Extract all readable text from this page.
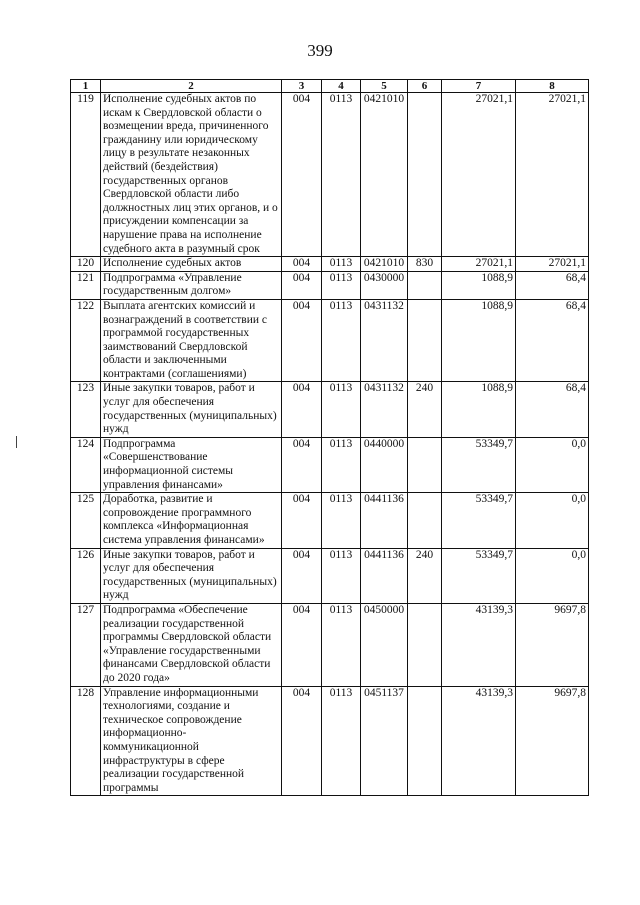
399
1	2	3	4	5	6	7	8
119	Исполнение судебных актов по искам к Свердловской области о возмещении вреда, причиненного гражданину или юридическому лицу в результате незаконных действий (бездействия) государственных органов Свердловской области либо должностных лиц этих органов, и о присуждении компенсации за нарушение права на исполнение судебного акта в разумный срок	004	0113	0421010		27021,1	27021,1
120	Исполнение судебных актов	004	0113	0421010	830	27021,1	27021,1
121	Подпрограмма «Управление государственным долгом»	004	0113	0430000		1088,9	68,4
122	Выплата агентских комиссий и вознаграждений в соответствии с программой государственных заимствований Свердловской области и заключенными контрактами (соглашениями)	004	0113	0431132		1088,9	68,4
123	Иные закупки товаров, работ и услуг для обеспечения государственных (муниципальных) нужд	004	0113	0431132	240	1088,9	68,4
124	Подпрограмма «Совершенствование информационной системы управления финансами»	004	0113	0440000		53349,7	0,0
125	Доработка, развитие и сопровождение программного комплекса «Информационная система управления финансами»	004	0113	0441136		53349,7	0,0
126	Иные закупки товаров, работ и услуг для обеспечения государственных (муниципальных) нужд	004	0113	0441136	240	53349,7	0,0
127	Подпрограмма «Обеспечение реализации государственной программы Свердловской области «Управление государственными финансами Свердловской области до 2020 года»	004	0113	0450000		43139,3	9697,8
128	Управление информационными технологиями, создание и техническое сопровождение информационно-коммуникационной инфраструктуры в сфере реализации государственной программы	004	0113	0451137		43139,3	9697,8
